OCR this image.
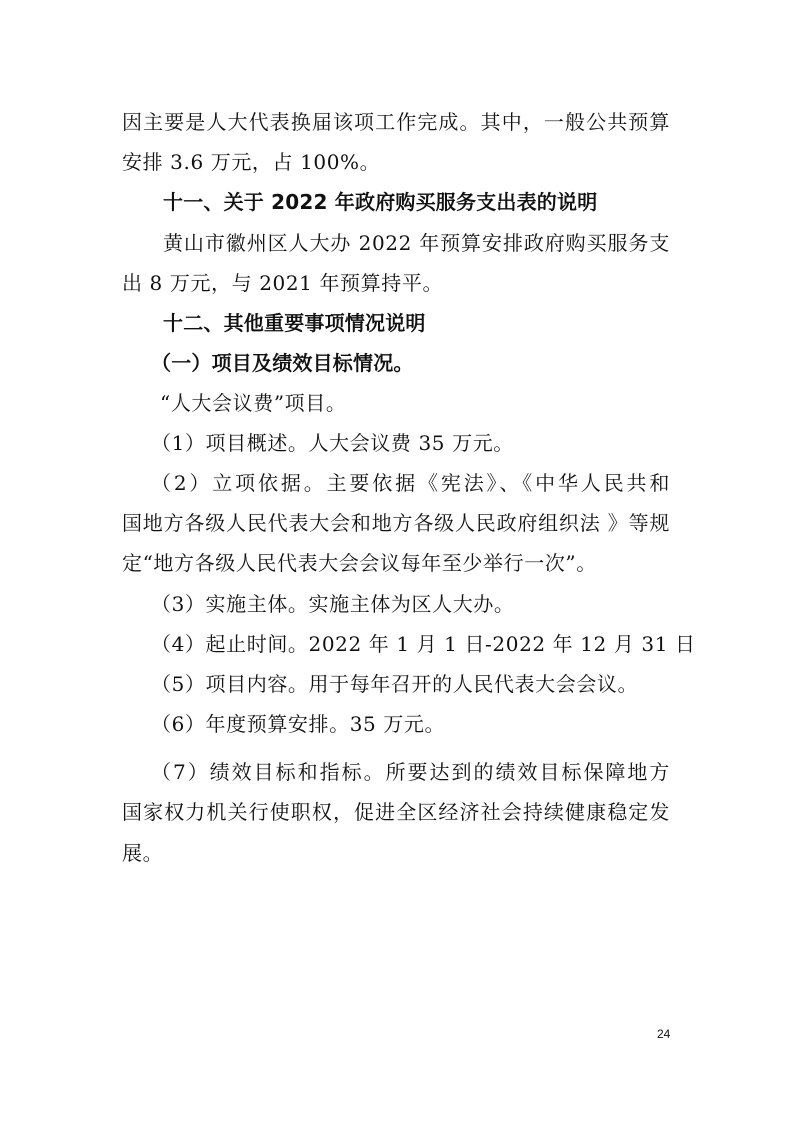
因主要是人大代表换届该项工作完成。其中，一般公共预算
安排 3.6 万元，占 100%。
十一、关于 2022 年政府购买服务支出表的说明
黄山市徽州区人大办 2022 年预算安排政府购买服务支
出 8 万元，与 2021 年预算持平。
十二、其他重要事项情况说明
（一）项目及绩效目标情况。
“人大会议费”项目。
（1）项目概述。人大会议费 35 万元。
（2）立项依据。主要依据《宪法》、《中华人民共和
国地方各级人民代表大会和地方各级人民政府组织法 》等规
定“地方各级人民代表大会会议每年至少举行一次”。
（3）实施主体。实施主体为区人大办。
（4）起止时间。2022 年 1 月 1 日-2022 年 12 月 31 日
（5）项目内容。用于每年召开的人民代表大会会议。
（6）年度预算安排。35 万元。
（7）绩效目标和指标。所要达到的绩效目标保障地方
国家权力机关行使职权，促进全区经济社会持续健康稳定发
展。
24
